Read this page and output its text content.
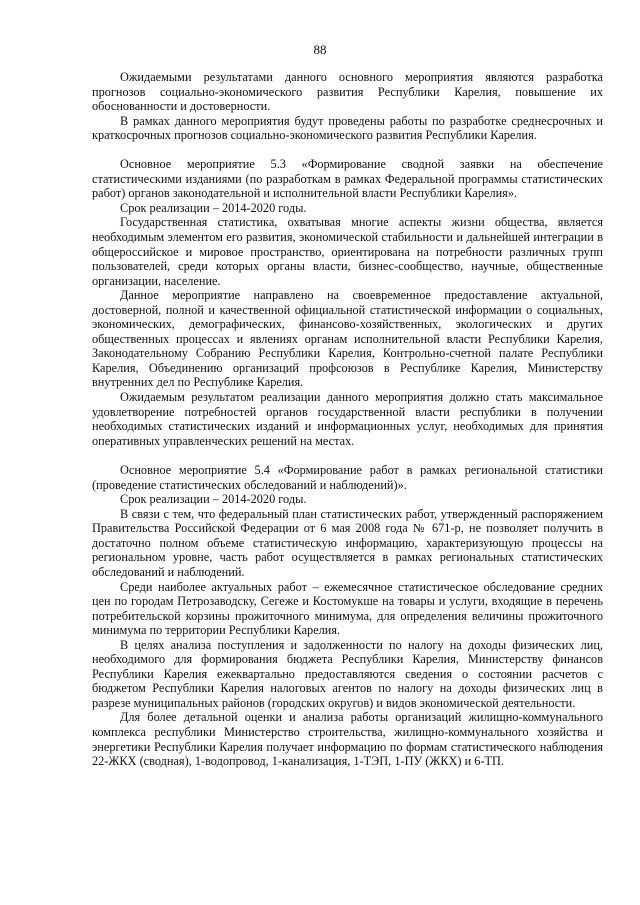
88

Ожидаемыми результатами данного основного мероприятия являются разработка прогнозов социально-экономического развития Республики Карелия, повышение их обоснованности и достоверности.

В рамках данного мероприятия будут проведены работы по разработке среднесрочных и краткосрочных прогнозов социально-экономического развития Республики Карелия.

Основное мероприятие 5.3 «Формирование сводной заявки на обеспечение статистическими изданиями (по разработкам в рамках Федеральной программы статистических работ) органов законодательной и исполнительной власти Республики Карелия».

Срок реализации – 2014-2020 годы.

Государственная статистика, охватывая многие аспекты жизни общества, является необходимым элементом его развития, экономической стабильности и дальнейшей интеграции в общероссийское и мировое пространство, ориентирована на потребности различных групп пользователей, среди которых органы власти, бизнес-сообщество, научные, общественные организации, население.

Данное мероприятие направлено на своевременное предоставление актуальной, достоверной, полной и качественной официальной статистической информации о социальных, экономических, демографических, финансово-хозяйственных, экологических и других общественных процессах и явлениях органам исполнительной власти Республики Карелия, Законодательному Собранию Республики Карелия, Контрольно-счетной палате Республики Карелия, Объединению организаций профсоюзов в Республике Карелия, Министерству внутренних дел по Республике Карелия.

Ожидаемым результатом реализации данного мероприятия должно стать максимальное удовлетворение потребностей органов государственной власти республики в получении необходимых статистических изданий и информационных услуг, необходимых для принятия оперативных управленческих решений на местах.

Основное мероприятие 5.4 «Формирование работ в рамках региональной статистики (проведение статистических обследований и наблюдений)».

Срок реализации – 2014-2020 годы.

В связи с тем, что федеральный план статистических работ, утвержденный распоряжением Правительства Российской Федерации от 6 мая 2008 года № 671-р, не позволяет получить в достаточно полном объеме статистическую информацию, характеризующую процессы на региональном уровне, часть работ осуществляется в рамках региональных статистических обследований и наблюдений.

Среди наиболее актуальных работ – ежемесячное статистическое обследование средних цен по городам Петрозаводску, Сегеже и Костомукше на товары и услуги, входящие в перечень потребительской корзины прожиточного минимума, для определения величины прожиточного минимума по территории Республики Карелия.

В целях анализа поступления и задолженности по налогу на доходы физических лиц, необходимого для формирования бюджета Республики Карелия, Министерству финансов Республики Карелия ежеквартально предоставляются сведения о состоянии расчетов с бюджетом Республики Карелия налоговых агентов по налогу на доходы физических лиц в разрезе муниципальных районов (городских округов) и видов экономической деятельности.

Для более детальной оценки и анализа работы организаций жилищно-коммунального комплекса республики Министерство строительства, жилищно-коммунального хозяйства и энергетики Республики Карелия получает информацию по формам статистического наблюдения 22-ЖКХ (сводная), 1-водопровод, 1-канализация, 1-ТЭП, 1-ПУ (ЖКХ) и 6-ТП.
